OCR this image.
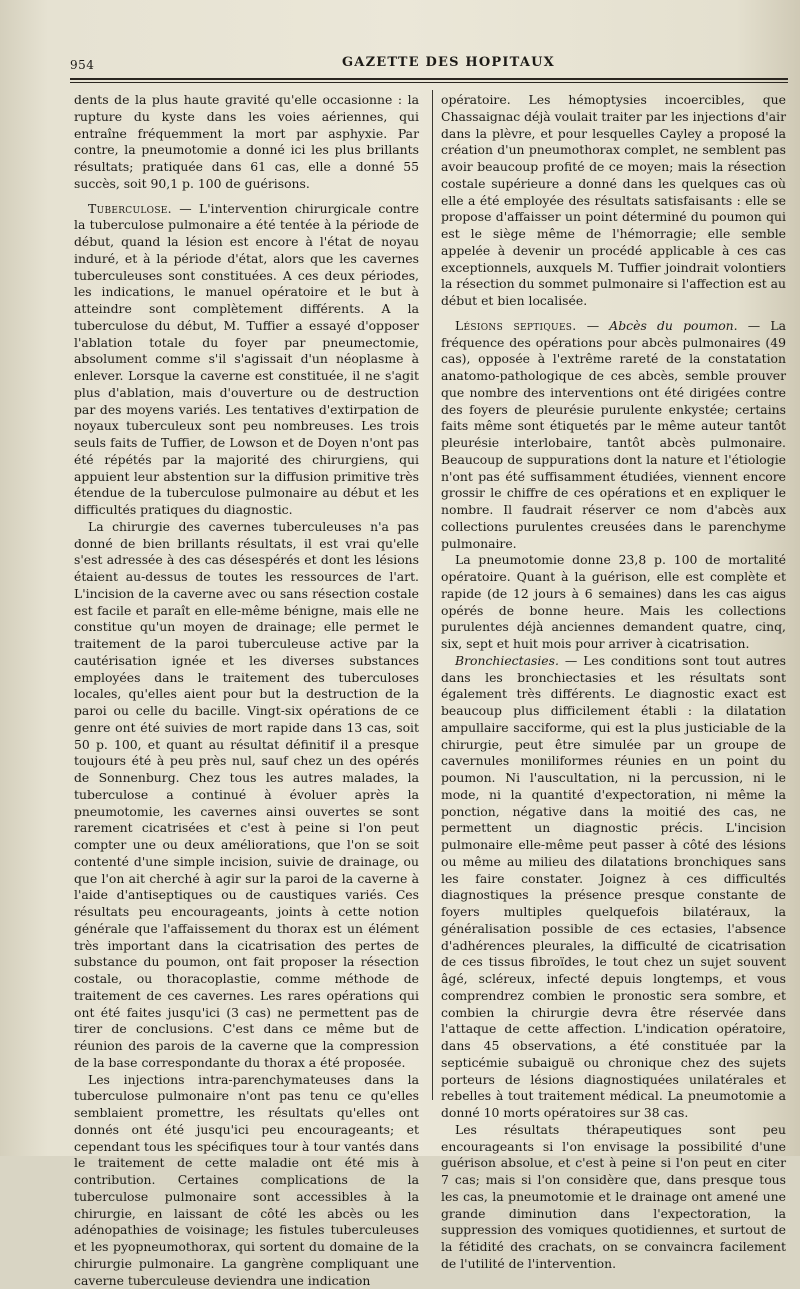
954	GAZETTE DES HOPITAUX

dents de la plus haute gravité qu'elle occasionne : la rupture du kyste dans les voies aériennes, qui entraîne fréquemment la mort par asphyxie. Par contre, la pneumotomie a donné ici les plus brillants résultats; pratiquée dans 61 cas, elle a donné 55 succès, soit 90,1 p. 100 de guérisons.

Tuberculose. — L'intervention chirurgicale contre la tuberculose pulmonaire a été tentée à la période de début, quand la lésion est encore à l'état de noyau induré, et à la période d'état, alors que les cavernes tuberculeuses sont constituées. A ces deux périodes, les indications, le manuel opératoire et le but à atteindre sont complètement différents. A la tuberculose du début, M. Tuffier a essayé d'opposer l'ablation totale du foyer par pneumectomie, absolument comme s'il s'agissait d'un néoplasme à enlever. Lorsque la caverne est constituée, il ne s'agit plus d'ablation, mais d'ouverture ou de destruction par des moyens variés. Les tentatives d'extirpation de noyaux tuberculeux sont peu nombreuses. Les trois seuls faits de Tuffier, de Lowson et de Doyen n'ont pas été répétés par la majorité des chirurgiens, qui appuient leur abstention sur la diffusion primitive très étendue de la tuberculose pulmonaire au début et les difficultés pratiques du diagnostic.

La chirurgie des cavernes tuberculeuses n'a pas donné de bien brillants résultats, il est vrai qu'elle s'est adressée à des cas désespérés et dont les lésions étaient au-dessus de toutes les ressources de l'art. L'incision de la caverne avec ou sans résection costale est facile et paraît en elle-même bénigne, mais elle ne constitue qu'un moyen de drainage; elle permet le traitement de la paroi tuberculeuse active par la cautérisation ignée et les diverses substances employées dans le traitement des tuberculoses locales, qu'elles aient pour but la destruction de la paroi ou celle du bacille. Vingt-six opérations de ce genre ont été suivies de mort rapide dans 13 cas, soit 50 p. 100, et quant au résultat définitif il a presque toujours été à peu près nul, sauf chez un des opérés de Sonnenburg. Chez tous les autres malades, la tuberculose a continué à évoluer après la pneumotomie, les cavernes ainsi ouvertes se sont rarement cicatrisées et c'est à peine si l'on peut compter une ou deux améliorations, que l'on se soit contenté d'une simple incision, suivie de drainage, ou que l'on ait cherché à agir sur la paroi de la caverne à l'aide d'antiseptiques ou de caustiques variés. Ces résultats peu encourageants, joints à cette notion générale que l'affaissement du thorax est un élément très important dans la cicatrisation des pertes de substance du poumon, ont fait proposer la résection costale, ou thoracoplastie, comme méthode de traitement de ces cavernes. Les rares opérations qui ont été faites jusqu'ici (3 cas) ne permettent pas de tirer de conclusions. C'est dans ce même but de réunion des parois de la caverne que la compression de la base correspondante du thorax a été proposée.

Les injections intra-parenchymateuses dans la tuberculose pulmonaire n'ont pas tenu ce qu'elles semblaient promettre, les résultats qu'elles ont donnés ont été jusqu'ici peu encourageants; et cependant tous les spécifiques tour à tour vantés dans le traitement de cette maladie ont été mis à contribution. Certaines complications de la tuberculose pulmonaire sont accessibles à la chirurgie, en laissant de côté les abcès ou les adénopathies de voisinage; les fistules tuberculeuses et les pyopneumothorax, qui sortent du domaine de la chirurgie pulmonaire. La gangrène compliquant une caverne tuberculeuse deviendra une indication

opératoire. Les hémoptysies incoercibles, que Chassaignac déjà voulait traiter par les injections d'air dans la plèvre, et pour lesquelles Cayley a proposé la création d'un pneumothorax complet, ne semblent pas avoir beaucoup profité de ce moyen; mais la résection costale supérieure a donné dans les quelques cas où elle a été employée des résultats satisfaisants : elle se propose d'affaisser un point déterminé du poumon qui est le siège même de l'hémorragie; elle semble appelée à devenir un procédé applicable à ces cas exceptionnels, auxquels M. Tuffier joindrait volontiers la résection du sommet pulmonaire si l'affection est au début et bien localisée.

Lésions septiques. — Abcès du poumon. — La fréquence des opérations pour abcès pulmonaires (49 cas), opposée à l'extrême rareté de la constatation anatomo-pathologique de ces abcès, semble prouver que nombre des interventions ont été dirigées contre des foyers de pleurésie purulente enkystée; certains faits même sont étiquetés par le même auteur tantôt pleurésie interlobaire, tantôt abcès pulmonaire. Beaucoup de suppurations dont la nature et l'étiologie n'ont pas été suffisamment étudiées, viennent encore grossir le chiffre de ces opérations et en expliquer le nombre. Il faudrait réserver ce nom d'abcès aux collections purulentes creusées dans le parenchyme pulmonaire.

La pneumotomie donne 23,8 p. 100 de mortalité opératoire. Quant à la guérison, elle est complète et rapide (de 12 jours à 6 semaines) dans les cas aigus opérés de bonne heure. Mais les collections purulentes déjà anciennes demandent quatre, cinq, six, sept et huit mois pour arriver à cicatrisation.

Bronchiectasies. — Les conditions sont tout autres dans les bronchiectasies et les résultats sont également très différents. Le diagnostic exact est beaucoup plus difficilement établi : la dilatation ampullaire sacciforme, qui est la plus justiciable de la chirurgie, peut être simulée par un groupe de cavernules moniliformes réunies en un point du poumon. Ni l'auscultation, ni la percussion, ni le mode, ni la quantité d'expectoration, ni même la ponction, négative dans la moitié des cas, ne permettent un diagnostic précis. L'incision pulmonaire elle-même peut passer à côté des lésions ou même au milieu des dilatations bronchiques sans les faire constater. Joignez à ces difficultés diagnostiques la présence presque constante de foyers multiples quelquefois bilatéraux, la généralisation possible de ces ectasies, l'absence d'adhérences pleurales, la difficulté de cicatrisation de ces tissus fibroïdes, le tout chez un sujet souvent âgé, scléreux, infecté depuis longtemps, et vous comprendrez combien le pronostic sera sombre, et combien la chirurgie devra être réservée dans l'attaque de cette affection. L'indication opératoire, dans 45 observations, a été constituée par la septicémie subaiguë ou chronique chez des sujets porteurs de lésions diagnostiquées unilatérales et rebelles à tout traitement médical. La pneumotomie a donné 10 morts opératoires sur 38 cas.

Les résultats thérapeutiques sont peu encourageants si l'on envisage la possibilité d'une guérison absolue, et c'est à peine si l'on peut en citer 7 cas; mais si l'on considère que, dans presque tous les cas, la pneumotomie et le drainage ont amené une grande diminution dans l'expectoration, la suppression des vomiques quotidiennes, et surtout de la fétidité des crachats, on se convaincra facilement de l'utilité de l'intervention.
